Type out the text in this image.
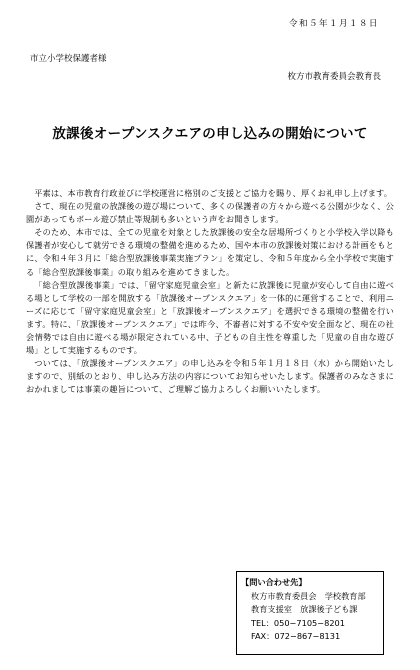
令和５年１月１８日
市立小学校保護者様
枚方市教育委員会教育長
放課後オープンスクエアの申し込みの開始について

平素は、本市教育行政並びに学校運営に格別のご支援とご協力を賜り、厚くお礼申し上げます。

さて、現在の児童の放課後の遊び場について、多くの保護者の方々から遊べる公園が少なく、公園があってもボール遊び禁止等規制も多いという声をお聞きします。

そのため、本市では、全ての児童を対象とした放課後の安全な居場所づくりと小学校入学以降も保護者が安心して就労できる環境の整備を進めるため、国や本市の放課後対策における計画をもとに、令和４年３月に「総合型放課後事業実施プラン」を策定し、令和５年度から全小学校で実施する「総合型放課後事業」の取り組みを進めてきました。

「総合型放課後事業」では、「留守家庭児童会室」と新たに放課後に児童が安心して自由に遊べる場として学校の一部を開放する「放課後オープンスクエア」を一体的に運営することで、利用ニーズに応じて「留守家庭児童会室」と「放課後オープンスクエア」を選択できる環境の整備を行います。特に、「放課後オープンスクエア」では昨今、不審者に対する不安や安全面など、現在の社会情勢では自由に遊べる場が限定されている中、子どもの自主性を尊重した「児童の自由な遊び場」として実施するものです。

ついては、「放課後オープンスクエア」の申し込みを令和５年１月１８日（水）から開始いたしますので、別紙のとおり、申し込み方法の内容についてお知らせいたします。保護者のみなさまにおかれましては事業の趣旨について、ご理解ご協力よろしくお願いいたします。

【問い合わせ先】
枚方市教育委員会　学校教育部
教育支援室　放課後子ども課
TEL：050−7105−8201
FAX：072−867−8131
